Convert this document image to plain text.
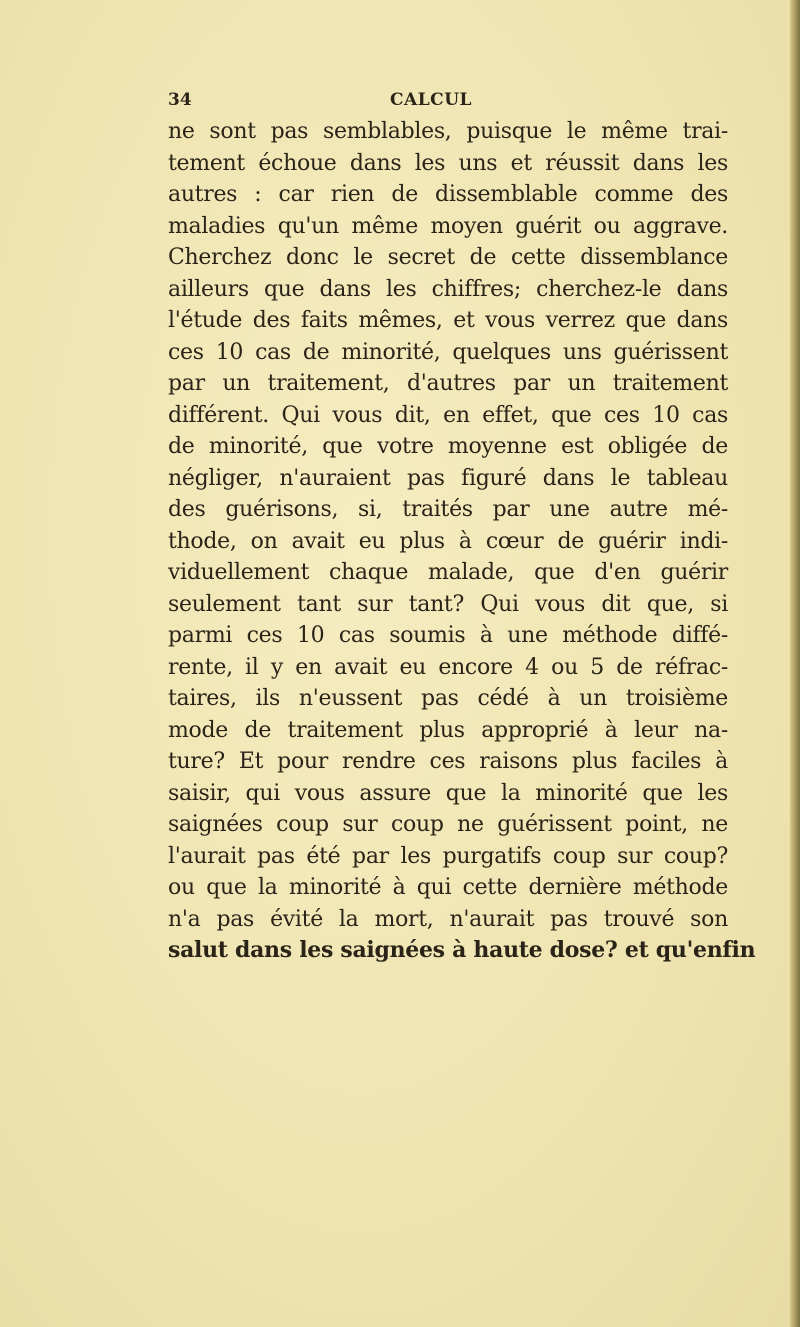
34	CALCUL
ne sont pas semblables, puisque le même trai-
tement échoue dans les uns et réussit dans les
autres : car rien de dissemblable comme des
maladies qu'un même moyen guérit ou aggrave.
Cherchez donc le secret de cette dissemblance
ailleurs que dans les chiffres; cherchez-le dans
l'étude des faits mêmes, et vous verrez que dans
ces 10 cas de minorité, quelques uns guérissent
par un traitement, d'autres par un traitement
différent. Qui vous dit, en effet, que ces 10 cas
de minorité, que votre moyenne est obligée de
négliger, n'auraient pas figuré dans le tableau
des guérisons, si, traités par une autre mé-
thode, on avait eu plus à cœur de guérir indi-
viduellement chaque malade, que d'en guérir
seulement tant sur tant? Qui vous dit que, si
parmi ces 10 cas soumis à une méthode diffé-
rente, il y en avait eu encore 4 ou 5 de réfrac-
taires, ils n'eussent pas cédé à un troisième
mode de traitement plus approprié à leur na-
ture? Et pour rendre ces raisons plus faciles à
saisir, qui vous assure que la minorité que les
saignées coup sur coup ne guérissent point, ne
l'aurait pas été par les purgatifs coup sur coup?
ou que la minorité à qui cette dernière méthode
n'a pas évité la mort, n'aurait pas trouvé son
salut dans les saignées à haute dose? et qu'enfin
